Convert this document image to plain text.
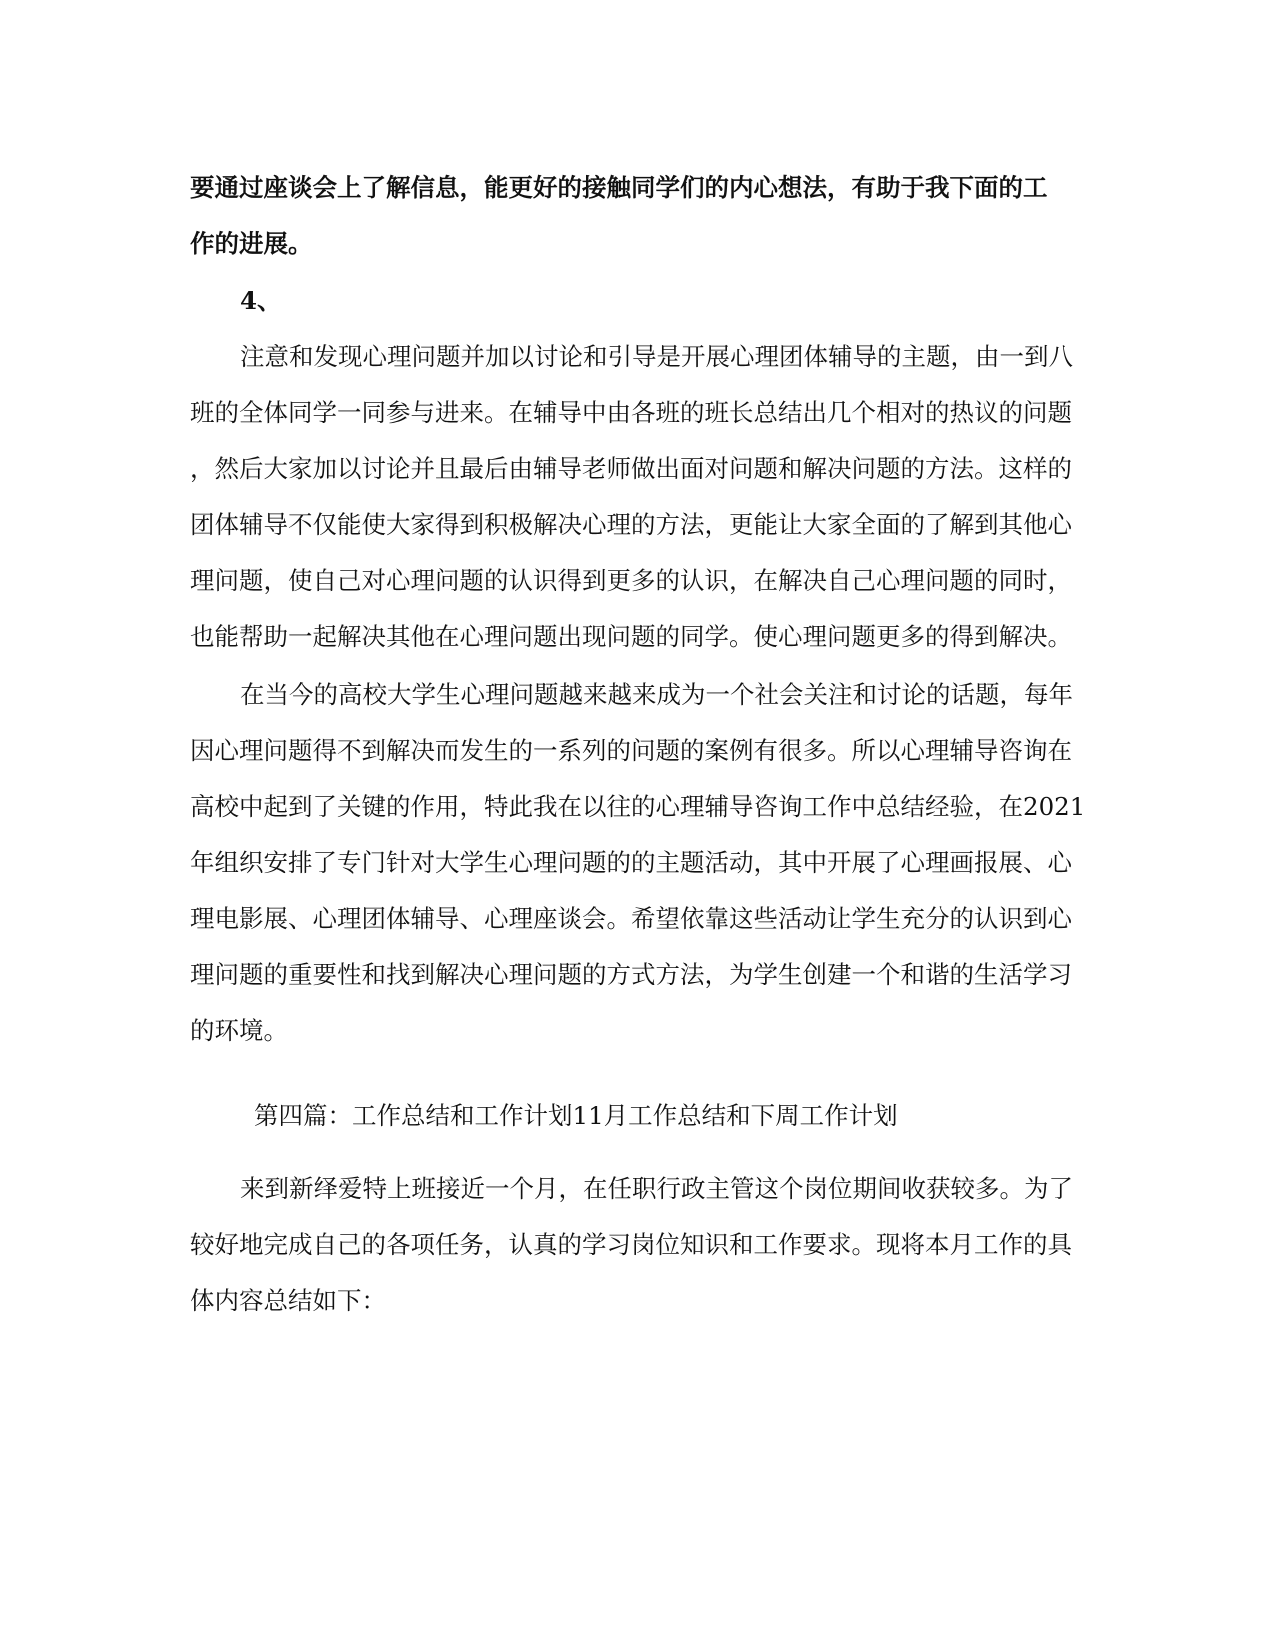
要通过座谈会上了解信息，能更好的接触同学们的内心想法，有助于我下面的工
作的进展。
4、
注意和发现心理问题并加以讨论和引导是开展心理团体辅导的主题，由一到八
班的全体同学一同参与进来。在辅导中由各班的班长总结出几个相对的热议的问题
，然后大家加以讨论并且最后由辅导老师做出面对问题和解决问题的方法。这样的
团体辅导不仅能使大家得到积极解决心理的方法，更能让大家全面的了解到其他心
理问题，使自己对心理问题的认识得到更多的认识，在解决自己心理问题的同时，
也能帮助一起解决其他在心理问题出现问题的同学。使心理问题更多的得到解决。
在当今的高校大学生心理问题越来越来成为一个社会关注和讨论的话题，每年
因心理问题得不到解决而发生的一系列的问题的案例有很多。所以心理辅导咨询在
高校中起到了关键的作用，特此我在以往的心理辅导咨询工作中总结经验，在2021
年组织安排了专门针对大学生心理问题的的主题活动，其中开展了心理画报展、心
理电影展、心理团体辅导、心理座谈会。希望依靠这些活动让学生充分的认识到心
理问题的重要性和找到解决心理问题的方式方法，为学生创建一个和谐的生活学习
的环境。
第四篇：工作总结和工作计划11月工作总结和下周工作计划
来到新绎爱特上班接近一个月，在任职行政主管这个岗位期间收获较多。为了
较好地完成自己的各项任务，认真的学习岗位知识和工作要求。现将本月工作的具
体内容总结如下：
